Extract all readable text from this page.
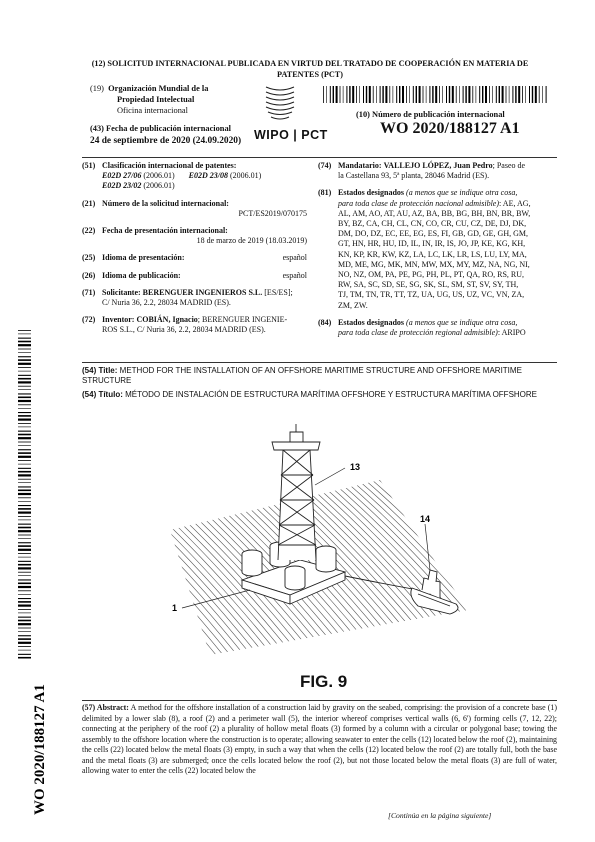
(12) SOLICITUD INTERNACIONAL PUBLICADA EN VIRTUD DEL TRATADO DE COOPERACIÓN EN MATERIA DE PATENTES (PCT)
(19) Organización Mundial de la
Propiedad Intelectual
Oficina internacional
WIPO | PCT
(43) Fecha de publicación internacional
24 de septiembre de 2020 (24.09.2020)
(10) Número de publicación internacional
WO 2020/188127 A1
(51) Clasificación internacional de patentes:
E02D 27/06 (2006.01) E02D 23/08 (2006.01)
E02D 23/02 (2006.01)
(21) Número de la solicitud internacional:
PCT/ES2019/070175
(22) Fecha de presentación internacional:
18 de marzo de 2019 (18.03.2019)
(25) Idioma de presentación:	español
(26) Idioma de publicación:	español
(71) Solicitante: BERENGUER INGENIEROS S.L. [ES/ES];
C/ Nuria 36, 2.2, 28034 MADRID (ES).
(72) Inventor: COBIÁN, Ignacio; BERENGUER INGENIE-
ROS S.L., C/ Nuria 36, 2.2, 28034 MADRID (ES).
(74) Mandatario: VALLEJO LÓPEZ, Juan Pedro; Paseo de
la Castellana 93, 5ª planta, 28046 Madrid (ES).
(81) Estados designados (a menos que se indique otra cosa,
para toda clase de protección nacional admisible): AE, AG,
AL, AM, AO, AT, AU, AZ, BA, BB, BG, BH, BN, BR, BW,
BY, BZ, CA, CH, CL, CN, CO, CR, CU, CZ, DE, DJ, DK,
DM, DO, DZ, EC, EE, EG, ES, FI, GB, GD, GE, GH, GM,
GT, HN, HR, HU, ID, IL, IN, IR, IS, JO, JP, KE, KG, KH,
KN, KP, KR, KW, KZ, LA, LC, LK, LR, LS, LU, LY, MA,
MD, ME, MG, MK, MN, MW, MX, MY, MZ, NA, NG, NI,
NO, NZ, OM, PA, PE, PG, PH, PL, PT, QA, RO, RS, RU,
RW, SA, SC, SD, SE, SG, SK, SL, SM, ST, SV, SY, TH,
TJ, TM, TN, TR, TT, TZ, UA, UG, US, UZ, VC, VN, ZA,
ZM, ZW.
(84) Estados designados (a menos que se indique otra cosa,
para toda clase de protección regional admisible): ARIPO
(54) Title: METHOD FOR THE INSTALLATION OF AN OFFSHORE MARITIME STRUCTURE AND OFFSHORE MARITIME STRUCTURE
(54) Título: MÉTODO DE INSTALACIÓN DE ESTRUCTURA MARÍTIMA OFFSHORE Y ESTRUCTURA MARÍTIMA OFFSHORE
13
14
1
FIG. 9
WO 2020/188127 A1	(57) Abstract: A method for the offshore installation of a construction laid by gravity on the seabed, comprising: the provision of a concrete base (1) delimited by a lower slab (8), a roof (2) and a perimeter wall (5), the interior whereof comprises vertical walls (6, 6') forming cells (7, 12, 22); connecting at the periphery of the roof (2) a plurality of hollow metal floats (3) formed by a column with a circular or polygonal base; towing the assembly to the offshore location where the construction is to operate; allowing seawater to enter the cells (12) located below the roof (2), maintaining the cells (22) located below the metal floats (3) empty, in such a way that when the cells (12) located below the roof (2) are totally full, both the base and the metal floats (3) are submerged; once the cells located below the roof (2), but not those located below the metal floats (3) are full of water, allowing water to enter the cells (22) located below the
[Continúa en la página siguiente]
